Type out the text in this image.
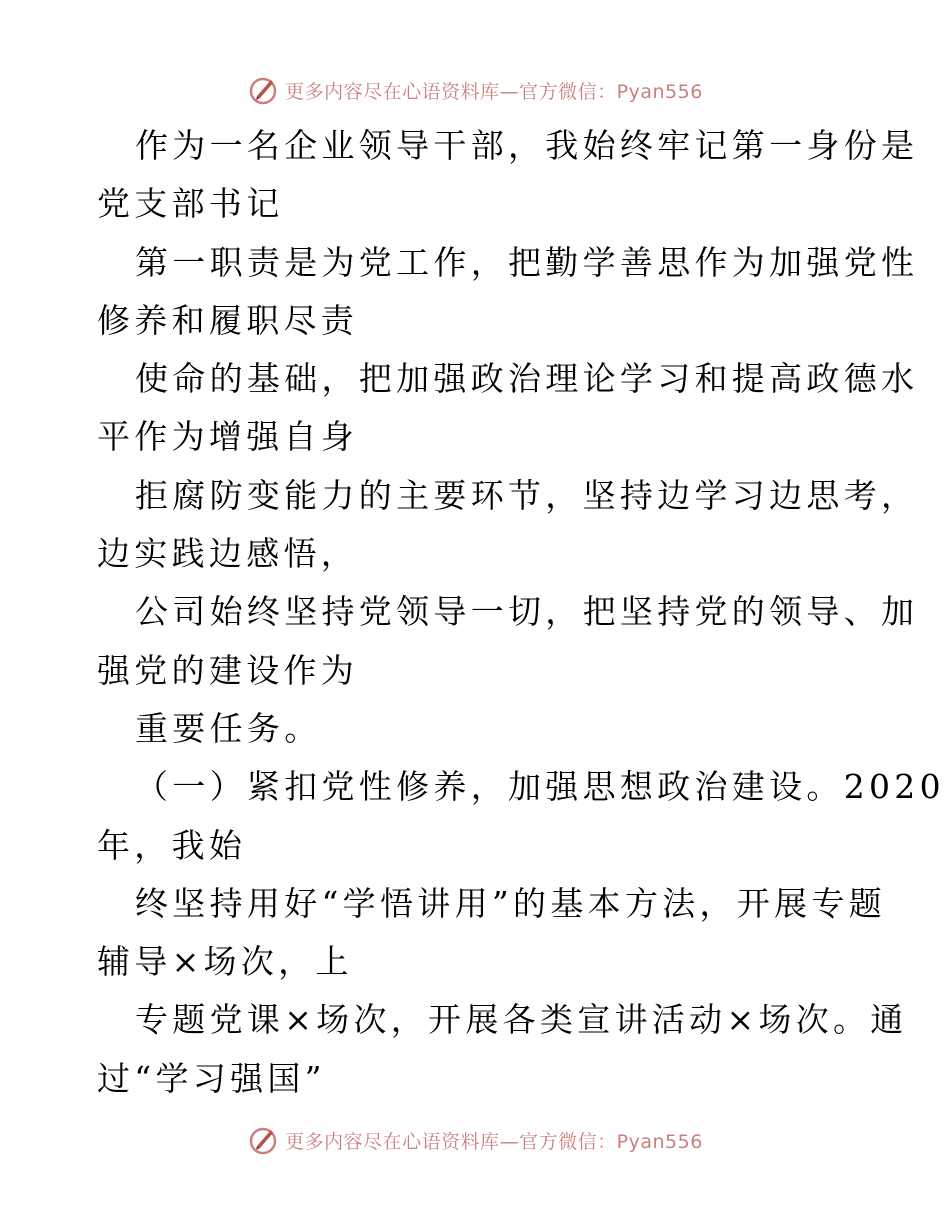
更多内容尽在心语资料库—官方微信：Pyan556
作为一名企业领导干部，我始终牢记第一身份是
党支部书记
第一职责是为党工作，把勤学善思作为加强党性
修养和履职尽责
使命的基础，把加强政治理论学习和提高政德水
平作为增强自身
拒腐防变能力的主要环节，坚持边学习边思考，
边实践边感悟，
公司始终坚持党领导一切，把坚持党的领导、加
强党的建设作为
重要任务。
（一）紧扣党性修养，加强思想政治建设。2020
年，我始
终坚持用好“学悟讲用”的基本方法，开展专题
辅导×场次，上
专题党课×场次，开展各类宣讲活动×场次。通
过“学习强国”
更多内容尽在心语资料库—官方微信：Pyan556
